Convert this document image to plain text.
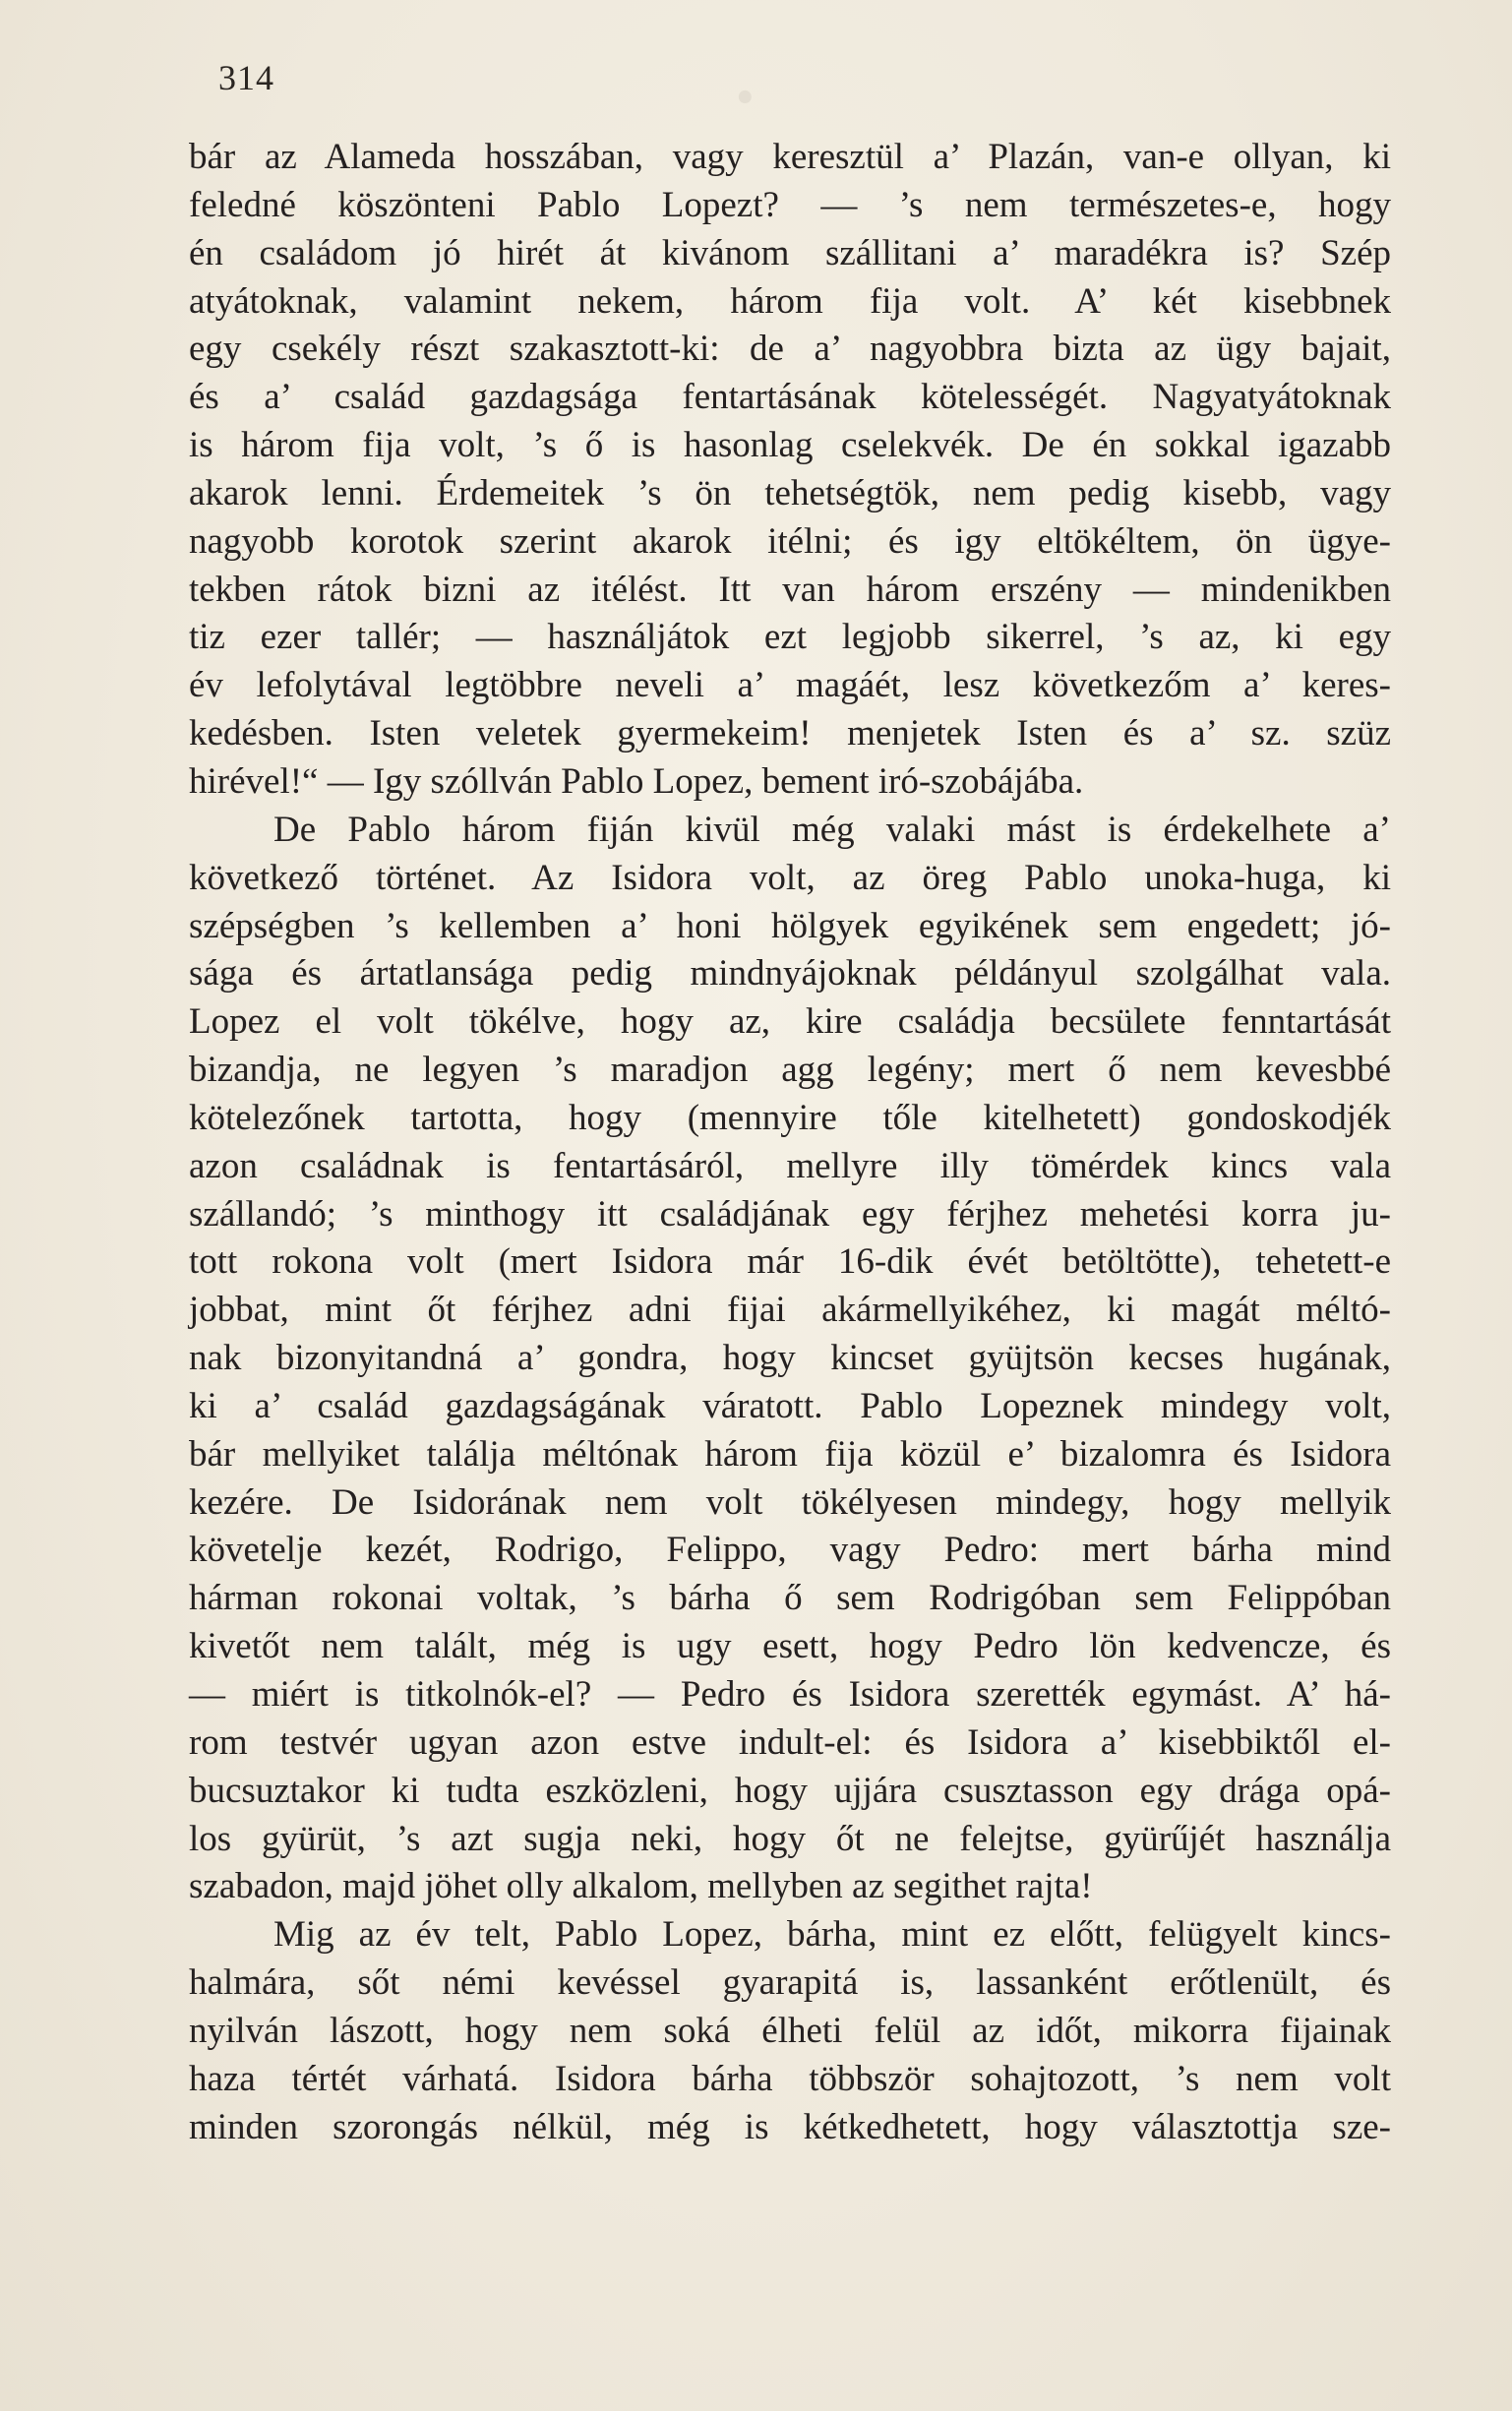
·
314
bár az Alameda hosszában, vagy keresztül a’ Plazán, van-e ollyan, ki
feledné köszönteni Pablo Lopezt? — ’s nem természetes-e, hogy
én családom jó hirét át kivánom szállitani a’ maradékra is? Szép
atyátoknak, valamint nekem, három fija volt. A’ két kisebbnek
egy csekély részt szakasztott-ki: de a’ nagyobbra bizta az ügy bajait,
és a’ család gazdagsága fentartásának kötelességét. Nagyatyátoknak
is három fija volt, ’s ő is hasonlag cselekvék. De én sokkal igazabb
akarok lenni. Érdemeitek ’s ön tehetségtök, nem pedig kisebb, vagy
nagyobb korotok szerint akarok itélni; és igy eltökéltem, ön ügye-
tekben rátok bizni az itélést. Itt van három erszény — mindenikben
tiz ezer tallér; — használjátok ezt legjobb sikerrel, ’s az, ki egy
év lefolytával legtöbbre neveli a’ magáét, lesz következőm a’ keres-
kedésben. Isten veletek gyermekeim! menjetek Isten és a’ sz. szüz
hirével!“ — Igy szóllván Pablo Lopez, bement iró-szobájába.
De Pablo három fiján kivül még valaki mást is érdekelhete a’
következő történet. Az Isidora volt, az öreg Pablo unoka-huga, ki
szépségben ’s kellemben a’ honi hölgyek egyikének sem engedett; jó-
sága és ártatlansága pedig mindnyájoknak példányul szolgálhat vala.
Lopez el volt tökélve, hogy az, kire családja becsülete fenntartását
bizandja, ne legyen ’s maradjon agg legény; mert ő nem kevesbbé
kötelezőnek tartotta, hogy (mennyire tőle kitelhetett) gondoskodjék
azon családnak is fentartásáról, mellyre illy tömérdek kincs vala
szállandó; ’s minthogy itt családjának egy férjhez mehetési korra ju-
tott rokona volt (mert Isidora már 16-dik évét betöltötte), tehetett-e
jobbat, mint őt férjhez adni fijai akármellyikéhez, ki magát méltó-
nak bizonyitandná a’ gondra, hogy kincset gyüjtsön kecses hugának,
ki a’ család gazdagságának váratott. Pablo Lopeznek mindegy volt,
bár mellyiket találja méltónak három fija közül e’ bizalomra és Isidora
kezére. De Isidorának nem volt tökélyesen mindegy, hogy mellyik
követelje kezét, Rodrigo, Felippo, vagy Pedro: mert bárha mind
hárman rokonai voltak, ’s bárha ő sem Rodrigóban sem Felippóban
kivetőt nem talált, még is ugy esett, hogy Pedro lön kedvencze, és
— miért is titkolnók-el? — Pedro és Isidora szerették egymást. A’ há-
rom testvér ugyan azon estve indult-el: és Isidora a’ kisebbiktől el-
bucsuztakor ki tudta eszközleni, hogy ujjára csusztasson egy drága opá-
los gyürüt, ’s azt sugja neki, hogy őt ne felejtse, gyürűjét használja
szabadon, majd jöhet olly alkalom, mellyben az segithet rajta!
Mig az év telt, Pablo Lopez, bárha, mint ez előtt, felügyelt kincs-
halmára, sőt némi kevéssel gyarapitá is, lassanként erőtlenült, és
nyilván lászott, hogy nem soká élheti felül az időt, mikorra fijainak
haza tértét várhatá. Isidora bárha többször sohajtozott, ’s nem volt
minden szorongás nélkül, még is kétkedhetett, hogy választottja sze-
